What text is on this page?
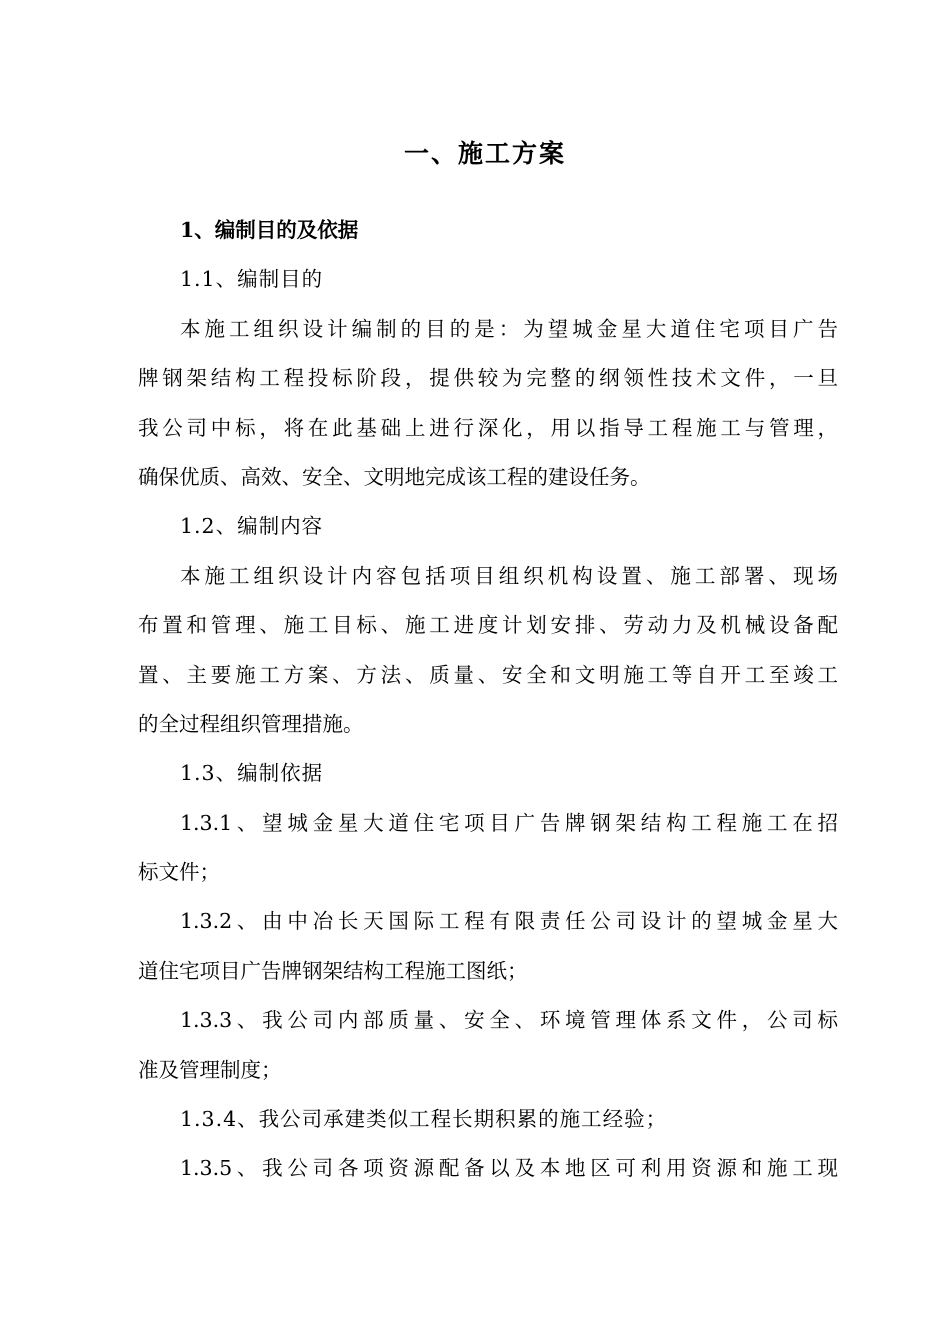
一、施工方案
1、编制目的及依据
1.1、编制目的
本施工组织设计编制的目的是：为望城金星大道住宅项目广告
牌钢架结构工程投标阶段，提供较为完整的纲领性技术文件，一旦
我公司中标，将在此基础上进行深化，用以指导工程施工与管理，
确保优质、高效、安全、文明地完成该工程的建设任务。
1.2、编制内容
本施工组织设计内容包括项目组织机构设置、施工部署、现场
布置和管理、施工目标、施工进度计划安排、劳动力及机械设备配
置、主要施工方案、方法、质量、安全和文明施工等自开工至竣工
的全过程组织管理措施。
1.3、编制依据
1.3.1、望城金星大道住宅项目广告牌钢架结构工程施工在招
标文件；
1.3.2、由中冶长天国际工程有限责任公司设计的望城金星大
道住宅项目广告牌钢架结构工程施工图纸；
1.3.3、我公司内部质量、安全、环境管理体系文件，公司标
准及管理制度；
1.3.4、我公司承建类似工程长期积累的施工经验；
1.3.5、我公司各项资源配备以及本地区可利用资源和施工现
